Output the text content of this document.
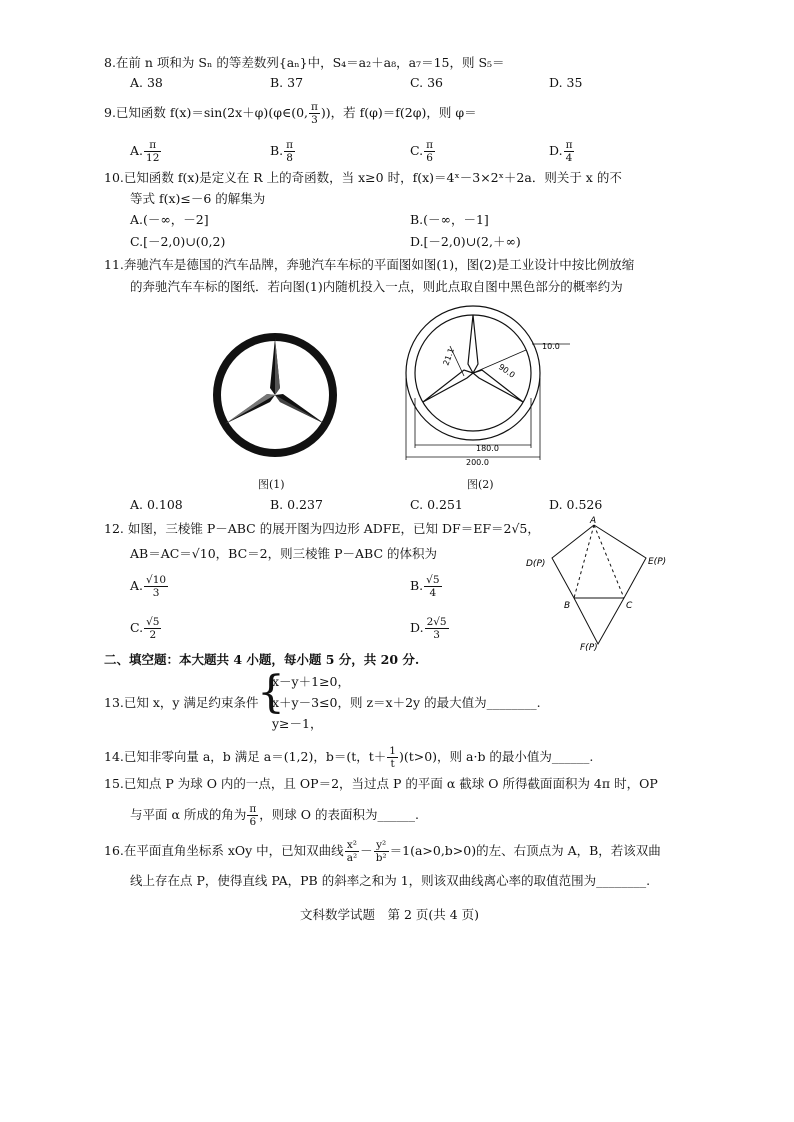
8.在前 n 项和为 Sₙ 的等差数列{aₙ}中，S₄＝a₂＋a₈，a₇＝15，则 S₅＝
A. 38	B. 37	C. 36	D. 35
9.已知函数 f(x)＝sin(2x＋φ)(φ∈(0, $\frac{\pi}{3}$ ))，若 f(φ)＝f(2φ)，则 φ＝
A. $\frac{\pi}{12}$	B. $\frac{\pi}{8}$	C. $\frac{\pi}{6}$	D. $\frac{\pi}{4}$
10.已知函数 f(x)是定义在 R 上的奇函数，当 x≥0 时，f(x)＝4ˣ－3×2ˣ＋2a．则关于 x 的不
等式 f(x)≤－6 的解集为
A.(－∞，－2]	B.(－∞，－1]
C.[－2,0)∪(0,2)	D.[－2,0)∪(2,＋∞)
11.奔驰汽车是德国的汽车品牌，奔驰汽车车标的平面图如图(1)，图(2)是工业设计中按比例放缩
的奔驰汽车车标的图纸．若向图(1)内随机投入一点，则此点取自图中黑色部分的概率约为
图(1)
180.0
200.0
10.0
90.0
21.1
图(2)
A. 0.108	B. 0.237	C. 0.251	D. 0.526
12. 如图，三棱锥 P－ABC 的展开图为四边形 ADFE，已知 DF＝EF＝2√5，
AB＝AC＝√10，BC＝2，则三棱锥 P－ABC 的体积为
A. $\frac{√10}{3}$	B. $\frac{√5}{4}$
C. $\frac{√5}{2}$	D. $\frac{2√5}{3}$
A
D(P)	E(P)
B	C
F(P)
二、填空题：本大题共 4 小题，每小题 5 分，共 20 分.
13.已知 x，y 满足约束条件
{
x－y＋1≥0，
x＋y－3≤0，则 z＝x＋2y 的最大值为________.
y≥－1，
14.已知非零向量 a，b 满足 a＝(1,2)，b＝(t，$t+ \frac{1}{t} )(t>0)$，则 a·b 的最小值为______.
15.已知点 P 为球 O 内的一点，且 OP＝2，当过点 P 的平面 α 截球 O 所得截面面积为 4π 时，OP
与平面 α 所成的角为 $\frac{\pi}{6}$ ，则球 O 的表面积为______.
16.在平面直角坐标系 xOy 中，已知双曲线 $\frac{\text{x²}}{\text{a²}} - \frac{\text{y²}}{\text{b²}} =1(a>0,b>0)$的左、右顶点为 A，B，若该双曲
线上存在点 P，使得直线 PA，PB 的斜率之和为 1，则该双曲线离心率的取值范围为________.
文科数学试题　第 2 页(共 4 页)
